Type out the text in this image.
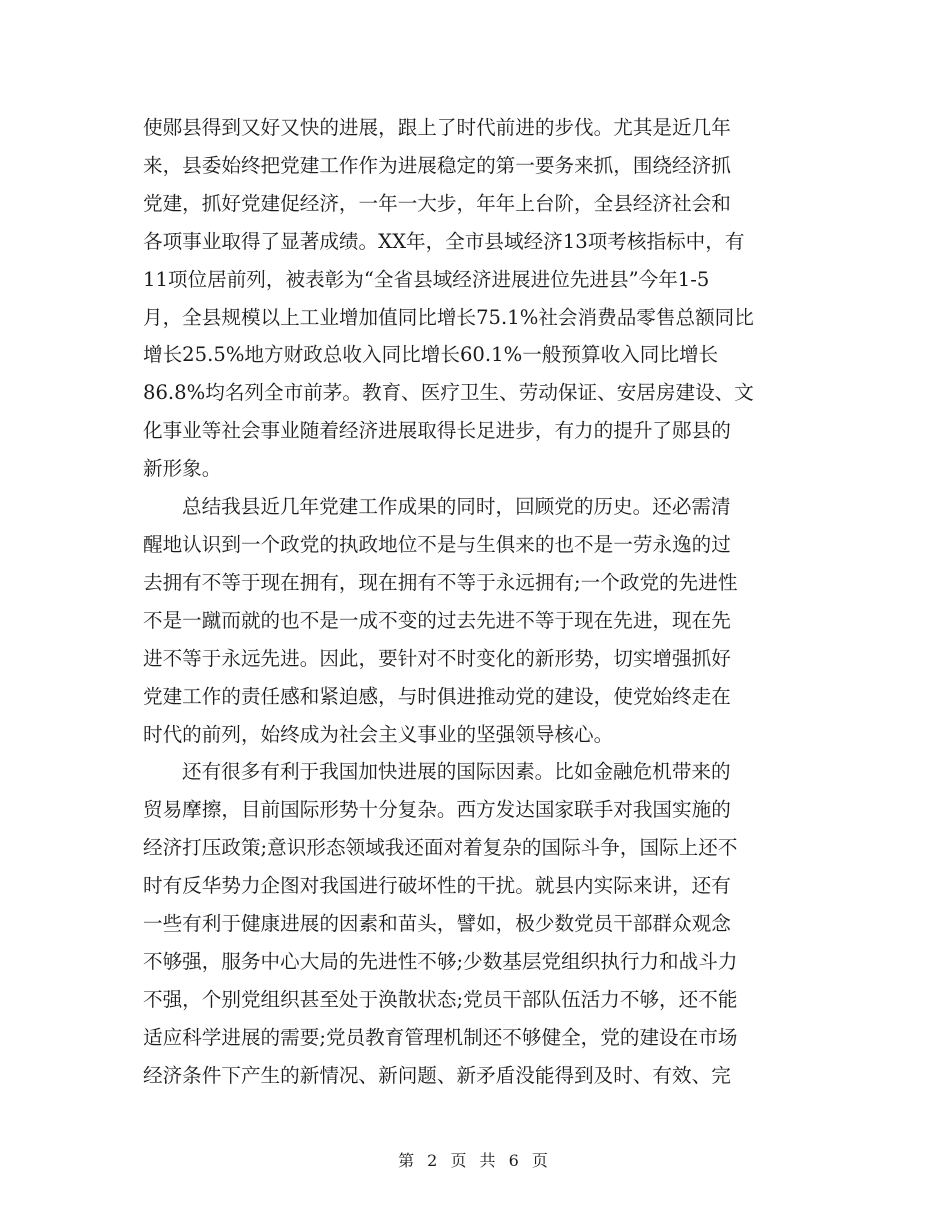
使郧县得到又好又快的进展，跟上了时代前进的步伐。尤其是近几年
来，县委始终把党建工作作为进展稳定的第一要务来抓，围绕经济抓
党建，抓好党建促经济，一年一大步，年年上台阶，全县经济社会和
各项事业取得了显著成绩。XX年，全市县域经济13项考核指标中，有
11项位居前列，被表彰为“全省县域经济进展进位先进县”今年1-5
月，全县规模以上工业增加值同比增长75.1%社会消费品零售总额同比
增长25.5%地方财政总收入同比增长60.1%一般预算收入同比增长
86.8%均名列全市前茅。教育、医疗卫生、劳动保证、安居房建设、文
化事业等社会事业随着经济进展取得长足进步，有力的提升了郧县的
新形象。

总结我县近几年党建工作成果的同时，回顾党的历史。还必需清
醒地认识到一个政党的执政地位不是与生俱来的也不是一劳永逸的过
去拥有不等于现在拥有，现在拥有不等于永远拥有;一个政党的先进性
不是一蹴而就的也不是一成不变的过去先进不等于现在先进，现在先
进不等于永远先进。因此，要针对不时变化的新形势，切实增强抓好
党建工作的责任感和紧迫感，与时俱进推动党的建设，使党始终走在
时代的前列，始终成为社会主义事业的坚强领导核心。

还有很多有利于我国加快进展的国际因素。比如金融危机带来的
贸易摩擦，目前国际形势十分复杂。西方发达国家联手对我国实施的
经济打压政策;意识形态领域我还面对着复杂的国际斗争，国际上还不
时有反华势力企图对我国进行破坏性的干扰。就县内实际来讲，还有
一些有利于健康进展的因素和苗头，譬如，极少数党员干部群众观念
不够强，服务中心大局的先进性不够;少数基层党组织执行力和战斗力
不强，个别党组织甚至处于涣散状态;党员干部队伍活力不够，还不能
适应科学进展的需要;党员教育管理机制还不够健全，党的建设在市场
经济条件下产生的新情况、新问题、新矛盾没能得到及时、有效、完

第 2 页 共 6 页
